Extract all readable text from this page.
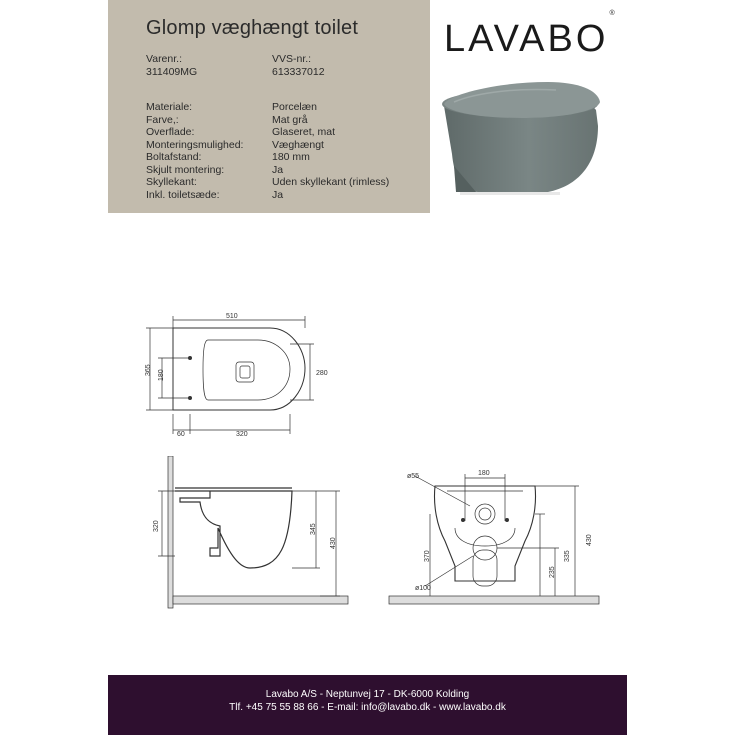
Glomp væghængt toilet
Varenr.:	VVS-nr.:
311409MG	613337012
Materiale:	Porcelæn
Farve,:	Mat grå
Overflade:	Glaseret, mat
Monteringsmulighed:	Væghængt
Boltafstand:	180 mm
Skjult montering:	Ja
Skyllekant:	Uden skyllekant (rimless)
Inkl. toiletsæde:	Ja
LAVABO®
510
365 180	280
60	320
320	345
430
ø55	180
ø100
370
235
335
430
Lavabo A/S - Neptunvej 17 - DK-6000 Kolding
Tlf. +45 75 55 88 66 - E-mail: info@lavabo.dk - www.lavabo.dk
